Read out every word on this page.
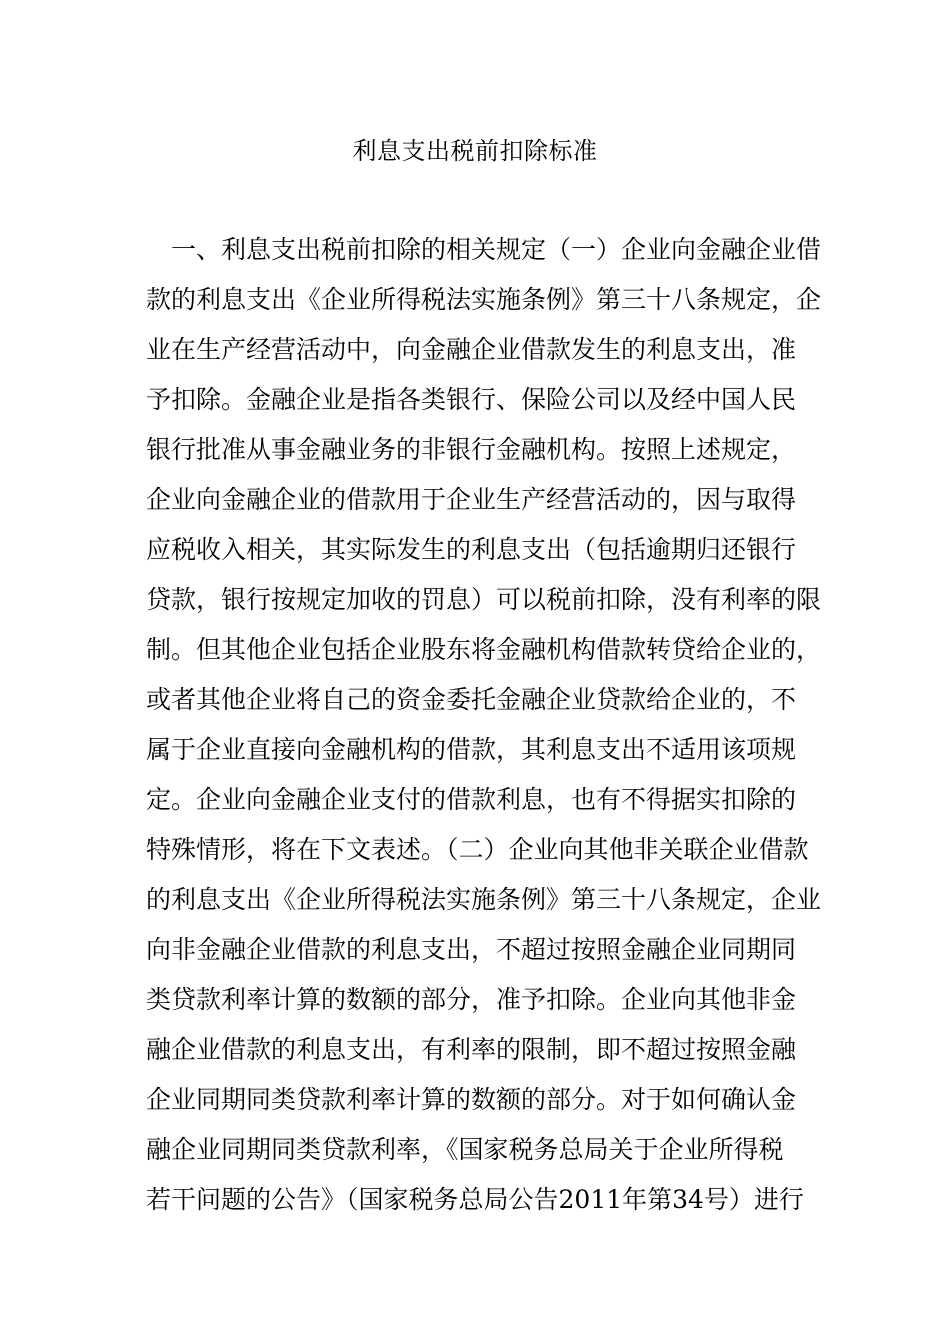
利息支出税前扣除标准
一、利息支出税前扣除的相关规定（一）企业向金融企业借
款的利息支出《企业所得税法实施条例》第三十八条规定，企
业在生产经营活动中，向金融企业借款发生的利息支出，准
予扣除。金融企业是指各类银行、保险公司以及经中国人民
银行批准从事金融业务的非银行金融机构。按照上述规定，
企业向金融企业的借款用于企业生产经营活动的，因与取得
应税收入相关，其实际发生的利息支出（包括逾期归还银行
贷款，银行按规定加收的罚息）可以税前扣除，没有利率的限
制。但其他企业包括企业股东将金融机构借款转贷给企业的，
或者其他企业将自己的资金委托金融企业贷款给企业的，不
属于企业直接向金融机构的借款，其利息支出不适用该项规
定。企业向金融企业支付的借款利息，也有不得据实扣除的
特殊情形，将在下文表述。（二）企业向其他非关联企业借款
的利息支出《企业所得税法实施条例》第三十八条规定，企业
向非金融企业借款的利息支出，不超过按照金融企业同期同
类贷款利率计算的数额的部分，准予扣除。企业向其他非金
融企业借款的利息支出，有利率的限制，即不超过按照金融
企业同期同类贷款利率计算的数额的部分。对于如何确认金
融企业同期同类贷款利率，《国家税务总局关于企业所得税
若干问题的公告》（国家税务总局公告2011年第34号）进行
